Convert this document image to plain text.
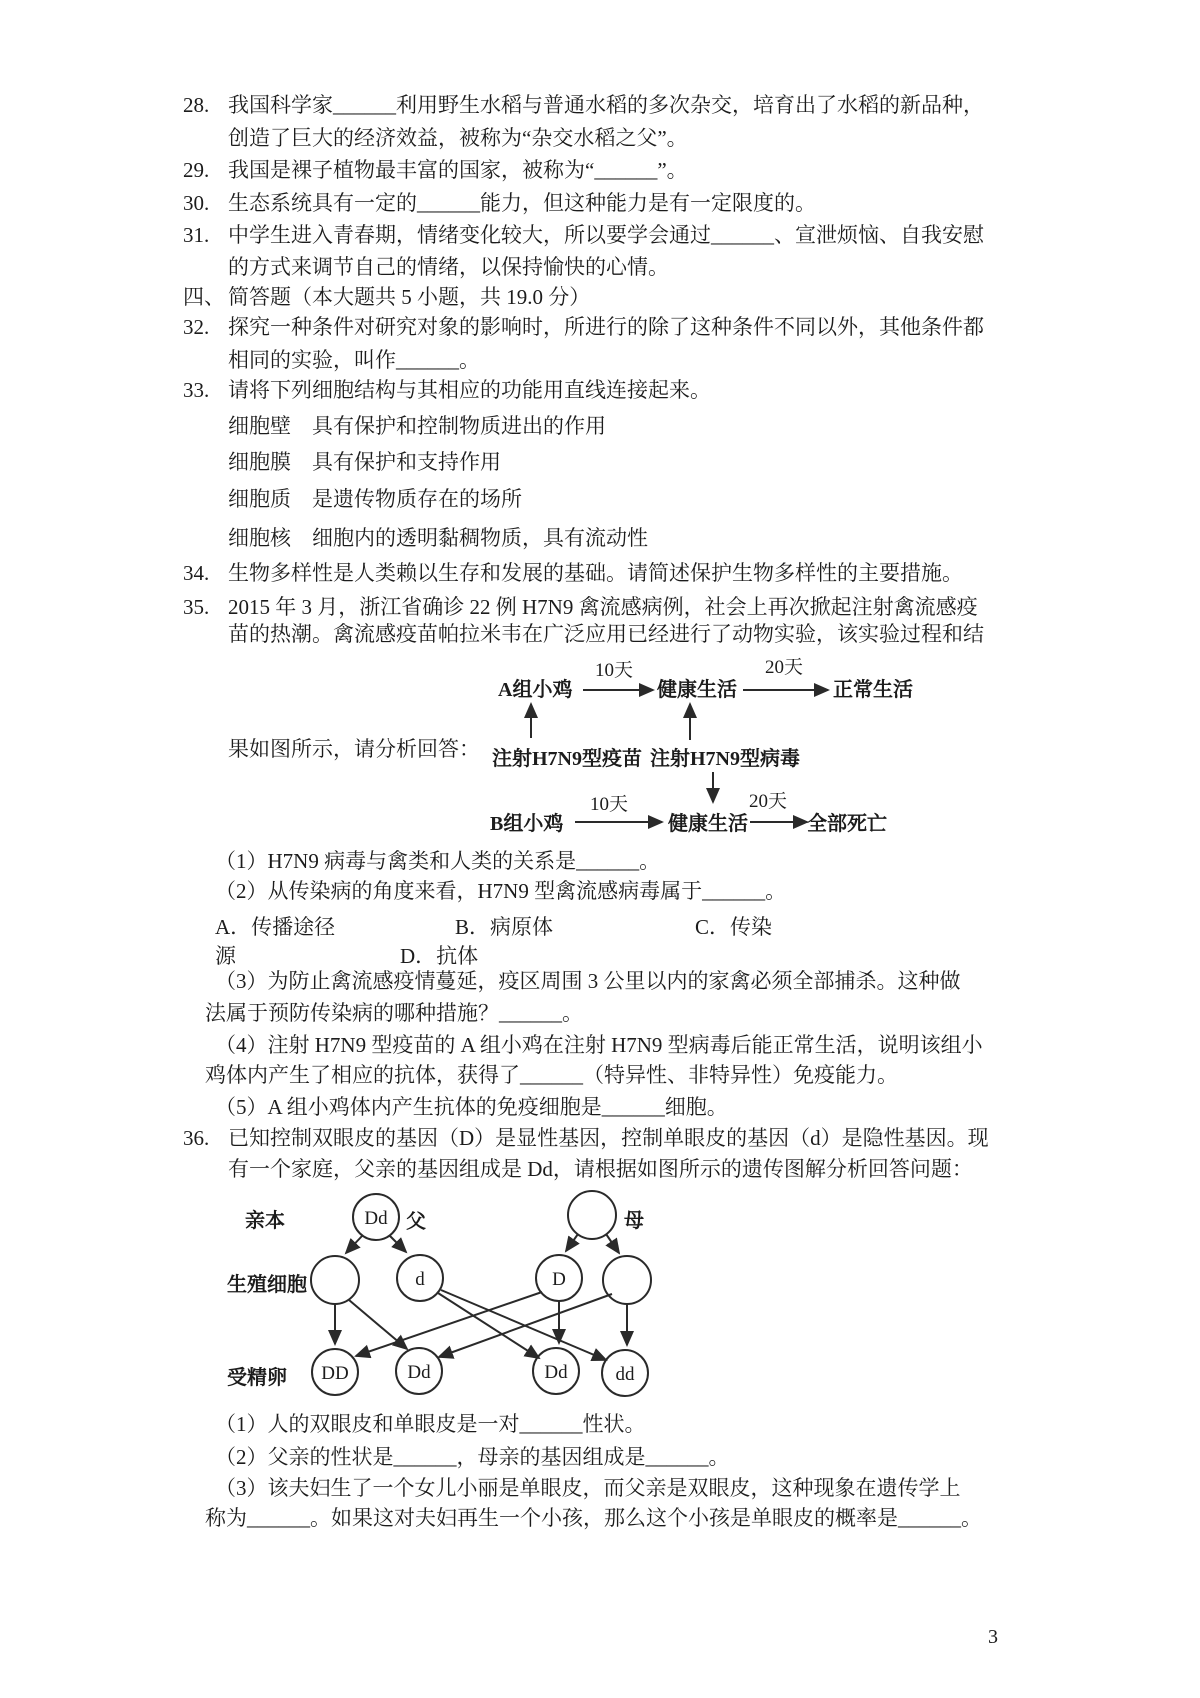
28. 我国科学家______利用野生水稻与普通水稻的多次杂交，培育出了水稻的新品种，
创造了巨大的经济效益，被称为“杂交水稻之父”。
29. 我国是裸子植物最丰富的国家，被称为“______”。
30. 生态系统具有一定的______能力，但这种能力是有一定限度的。
31. 中学生进入青春期，情绪变化较大，所以要学会通过______、宣泄烦恼、自我安慰
的方式来调节自己的情绪，以保持愉快的心情。
四、 简答题（本大题共 5 小题，共 19.0 分）
32. 探究一种条件对研究对象的影响时，所进行的除了这种条件不同以外，其他条件都
相同的实验，叫作______。
33. 请将下列细胞结构与其相应的功能用直线连接起来。
细胞壁 具有保护和控制物质进出的作用
细胞膜 具有保护和支持作用
细胞质 是遗传物质存在的场所
细胞核 细胞内的透明黏稠物质，具有流动性
34. 生物多样性是人类赖以生存和发展的基础。请简述保护生物多样性的主要措施。
35. 2015 年 3 月，浙江省确诊 22 例 H7N9 禽流感病例，社会上再次掀起注射禽流感疫
苗的热潮。禽流感疫苗帕拉米韦在广泛应用已经进行了动物实验，该实验过程和结
A组小鸡
10天
健康生活
20天
正常生活
果如图所示，请分析回答： 注射H7N9型疫苗 注射H7N9型病毒
B组小鸡
10天
健康生活
20天
全部死亡
（1）H7N9 病毒与禽类和人类的关系是______。
（2）从传染病的角度来看，H7N9 型禽流感病毒属于______。
A．传播途径	B．病原体	C．传染
源	D．抗体
（3）为防止禽流感疫情蔓延，疫区周围 3 公里以内的家禽必须全部捕杀。这种做
法属于预防传染病的哪种措施？______。
（4）注射 H7N9 型疫苗的 A 组小鸡在注射 H7N9 型病毒后能正常生活，说明该组小
鸡体内产生了相应的抗体，获得了______（特异性、非特异性）免疫能力。
（5）A 组小鸡体内产生抗体的免疫细胞是______细胞。
36. 已知控制双眼皮的基因（D）是显性基因，控制单眼皮的基因（d）是隐性基因。现
有一个家庭，父亲的基因组成是 Dd，请根据如图所示的遗传图解分析回答问题：
亲本
生殖细胞
受精卵
父	母
Dd
d	D
DD	Dd	Dd	dd
（1）人的双眼皮和单眼皮是一对______性状。
（2）父亲的性状是______，母亲的基因组成是______。
（3）该夫妇生了一个女儿小丽是单眼皮，而父亲是双眼皮，这种现象在遗传学上
称为______。如果这对夫妇再生一个小孩，那么这个小孩是单眼皮的概率是______。
3
